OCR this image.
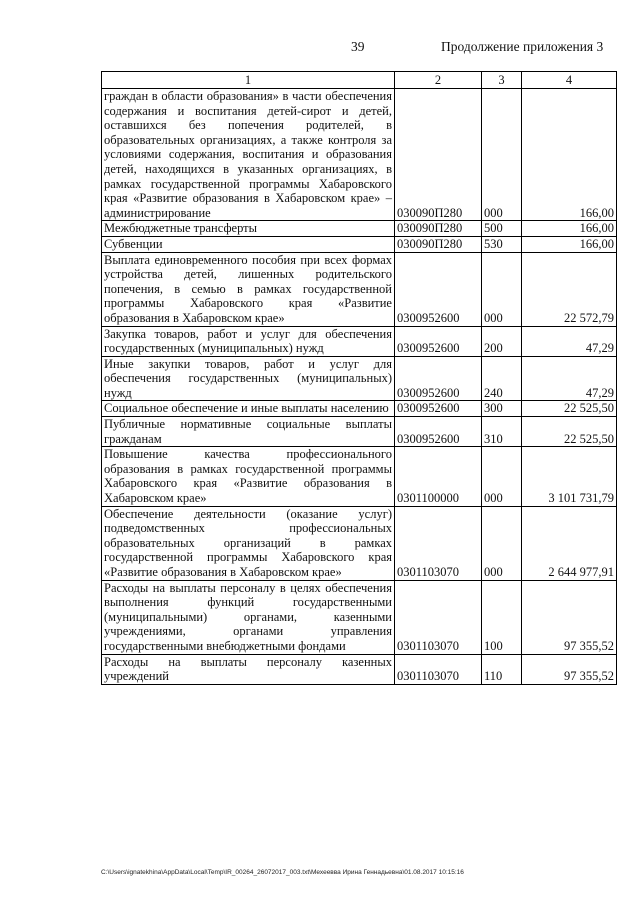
39	Продолжение приложения 3
1	2	3	4
граждан в области образования» в части обеспечения содержания и воспитания детей-сирот и детей, оставшихся без попечения родителей, в образовательных организациях, а также контроля за условиями содержания, воспитания и образования детей, находящихся в указанных организациях, в рамках государственной программы Хабаровского края «Развитие образования в Хабаровском крае» – администрирование	030090П280	000	166,00
Межбюджетные трансферты	030090П280	500	166,00
Субвенции	030090П280	530	166,00
Выплата единовременного пособия при всех формах устройства детей, лишенных родительского попечения, в семью в рамках государственной программы Хабаровского края «Развитие образования в Хабаровском крае»	0300952600	000	22 572,79
Закупка товаров, работ и услуг для обеспечения государственных (муниципальных) нужд	0300952600	200	47,29
Иные закупки товаров, работ и услуг для обеспечения государственных (муниципальных) нужд	0300952600	240	47,29
Социальное обеспечение и иные выплаты населению	0300952600	300	22 525,50
Публичные нормативные социальные выплаты гражданам	0300952600	310	22 525,50
Повышение качества профессионального образования в рамках государственной программы Хабаровского края «Развитие образования в Хабаровском крае»	0301100000	000	3 101 731,79
Обеспечение деятельности (оказание услуг) подведомственных профессиональных образовательных организаций в рамках государственной программы Хабаровского края «Развитие образования в Хабаровском крае»	0301103070	000	2 644 977,91
Расходы на выплаты персоналу в целях обеспечения выполнения функций государственными (муниципальными) органами, казенными учреждениями, органами управления государственными внебюджетными фондами	0301103070	100	97 355,52
Расходы на выплаты персоналу казенных учреждений	0301103070	110	97 355,52
C:\Users\ignatekhina\AppData\Local\Temp\IR_00264_26072017_003.txt\Мехеевва Ирина Геннадьевна\01.08.2017 10:15:16
